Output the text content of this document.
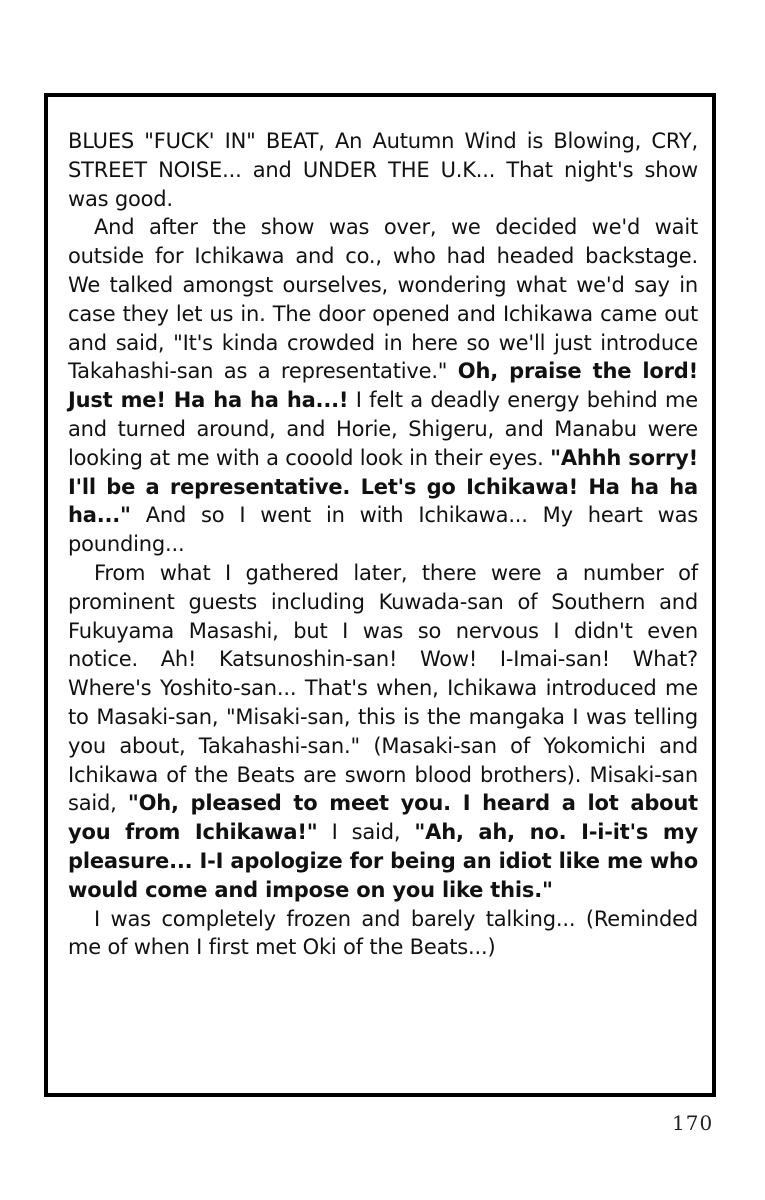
BLUES "FUCK' IN" BEAT, An Autumn Wind is Blowing, CRY, STREET NOISE... and UNDER THE U.K... That night's show was good.

And after the show was over, we decided we'd wait outside for Ichikawa and co., who had headed backstage. We talked amongst ourselves, wondering what we'd say in case they let us in. The door opened and Ichikawa came out and said, "It's kinda crowded in here so we'll just introduce Takahashi-san as a representative." Oh, praise the lord! Just me! Ha ha ha ha...! I felt a deadly energy behind me and turned around, and Horie, Shigeru, and Manabu were looking at me with a cooold look in their eyes. "Ahhh sorry! I'll be a representative. Let's go Ichikawa! Ha ha ha ha..." And so I went in with Ichikawa... My heart was pounding...

From what I gathered later, there were a number of prominent guests including Kuwada-san of Southern and Fukuyama Masashi, but I was so nervous I didn't even notice. Ah! Katsunoshin-san! Wow! I-Imai-san! What? Where's Yoshito-san... That's when, Ichikawa introduced me to Masaki-san, "Misaki-san, this is the mangaka I was telling you about, Takahashi-san." (Masaki-san of Yokomichi and Ichikawa of the Beats are sworn blood brothers). Misaki-san said, "Oh, pleased to meet you. I heard a lot about you from Ichikawa!" I said, "Ah, ah, no. I-i-it's my pleasure... I-I apologize for being an idiot like me who would come and impose on you like this."

I was completely frozen and barely talking... (Reminded me of when I first met Oki of the Beats...)

170
